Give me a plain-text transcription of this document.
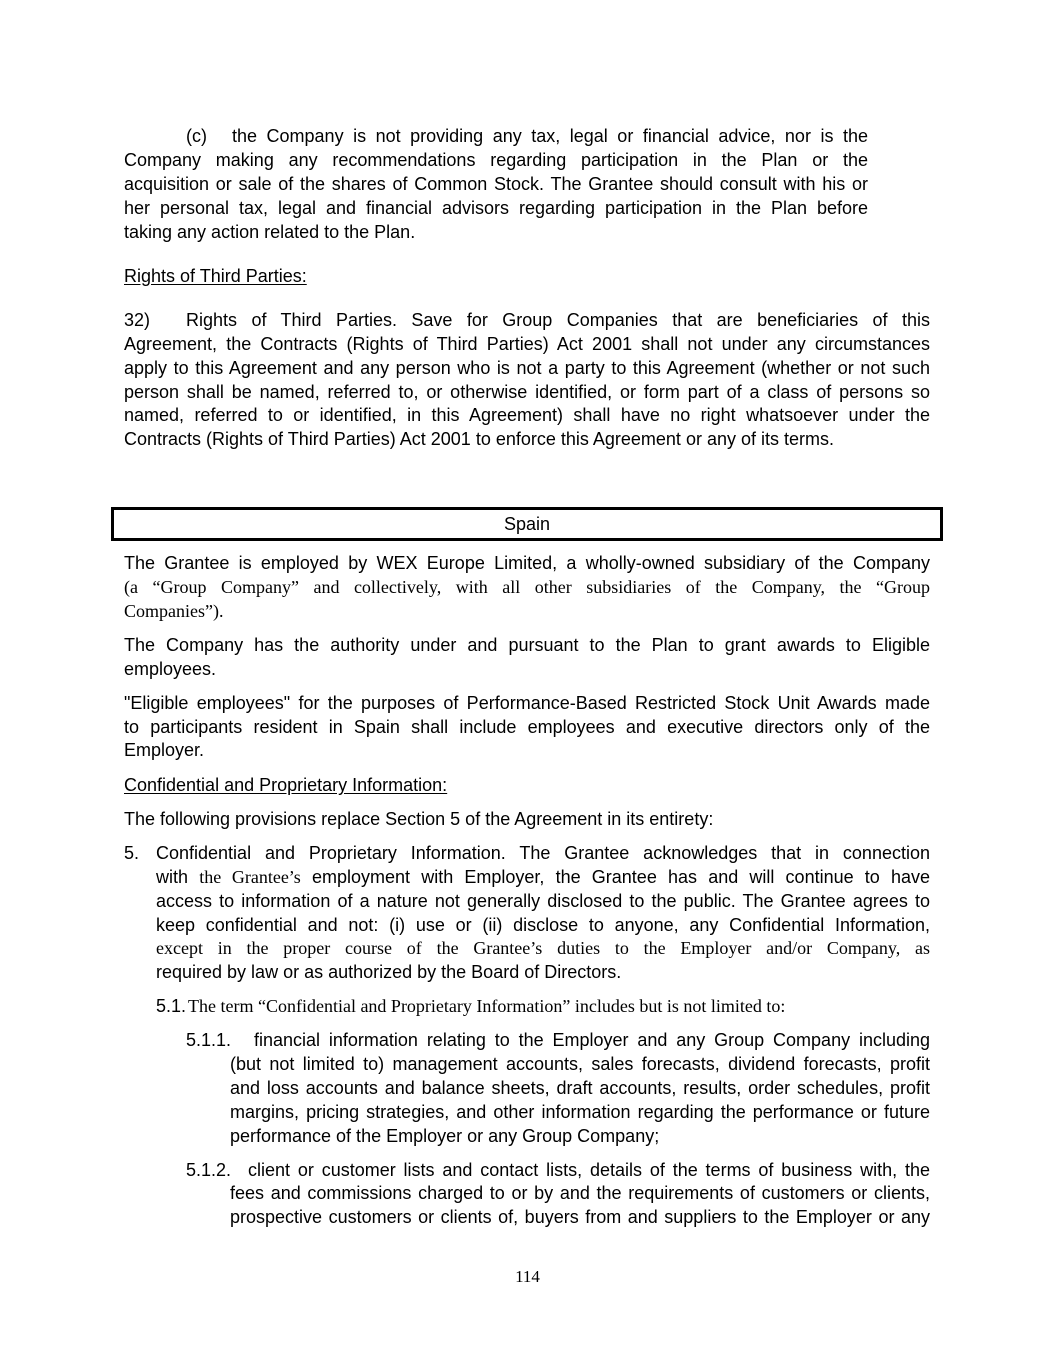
(c) the Company is not providing any tax, legal or financial advice, nor is the
Company making any recommendations regarding participation in the Plan or the
acquisition or sale of the shares of Common Stock. The Grantee should consult with his or
her personal tax, legal and financial advisors regarding participation in the Plan before
taking any action related to the Plan.
Rights of Third Parties:
32) Rights of Third Parties. Save for Group Companies that are beneficiaries of this
Agreement, the Contracts (Rights of Third Parties) Act 2001 shall not under any circumstances
apply to this Agreement and any person who is not a party to this Agreement (whether or not such
person shall be named, referred to, or otherwise identified, or form part of a class of persons so
named, referred to or identified, in this Agreement) shall have no right whatsoever under the
Contracts (Rights of Third Parties) Act 2001 to enforce this Agreement or any of its terms.
Spain
The Grantee is employed by WEX Europe Limited, a wholly-owned subsidiary of the Company
(a “Group Company” and collectively, with all other subsidiaries of the Company, the “Group
Companies”).
The Company has the authority under and pursuant to the Plan to grant awards to Eligible
employees.
"Eligible employees" for the purposes of Performance-Based Restricted Stock Unit Awards made
to participants resident in Spain shall include employees and executive directors only of the
Employer.
Confidential and Proprietary Information:
The following provisions replace Section 5 of the Agreement in its entirety:
5. Confidential and Proprietary Information. The Grantee acknowledges that in connection
with the Grantee’s employment with Employer, the Grantee has and will continue to have
access to information of a nature not generally disclosed to the public. The Grantee agrees to
keep confidential and not: (i) use or (ii) disclose to anyone, any Confidential Information,
except in the proper course of the Grantee’s duties to the Employer and/or Company, as
required by law or as authorized by the Board of Directors.
5.1. The term “Confidential and Proprietary Information” includes but is not limited to:
5.1.1. financial information relating to the Employer and any Group Company including
(but not limited to) management accounts, sales forecasts, dividend forecasts, profit
and loss accounts and balance sheets, draft accounts, results, order schedules, profit
margins, pricing strategies, and other information regarding the performance or future
performance of the Employer or any Group Company;
5.1.2. client or customer lists and contact lists, details of the terms of business with, the
fees and commissions charged to or by and the requirements of customers or clients,
prospective customers or clients of, buyers from and suppliers to the Employer or any
114
